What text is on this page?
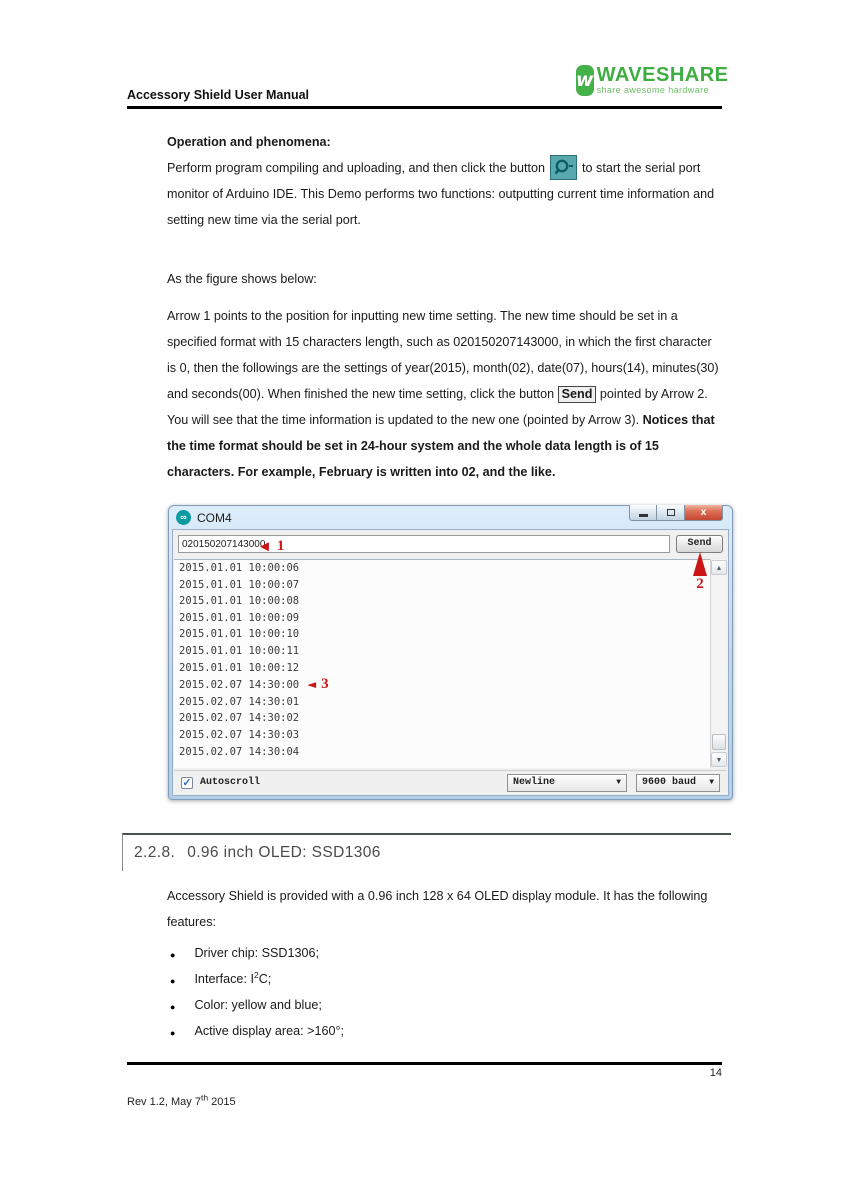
Accessory Shield User Manual
w WAVESHARE
share awesome hardware
Operation and phenomena:

Perform program compiling and uploading, and then click the button	to start the serial port monitor of Arduino IDE. This Demo performs two functions: outputting current time information and setting new time via the serial port.

As the figure shows below:

Arrow 1 points to the position for inputting new time setting. The new time should be set in a specified format with 15 characters length, such as 020150207143000, in which the first character is 0, then the followings are the settings of year(2015), month(02), date(07), hours(14), minutes(30) and seconds(00). When finished the new time setting, click the button Send pointed by Arrow 2. You will see that the time information is updated to the new one (pointed by Arrow 3). Notices that the time format should be set in 24-hour system and the whole data length is of 15 characters. For example, February is written into 02, and the like.

∞ COM4	x
020150207143000
Send
2015.01.01 10:00:06
2015.01.01 10:00:07
2015.01.01 10:00:08
2015.01.01 10:00:09
2015.01.01 10:00:10
2015.01.01 10:00:11
2015.01.01 10:00:12
2015.02.07 14:30:00 ◄ 3
2015.02.07 14:30:01
2015.02.07 14:30:02
2015.02.07 14:30:03
2015.02.07 14:30:04
▲
▼
✓ Autoscroll	Newline	▼ 9600 baud ▼
◄ 1
2
2.2.8. 0.96 inch OLED: SSD1306

Accessory Shield is provided with a 0.96 inch 128 x 64 OLED display module. It has the following features:

● Driver chip: SSD1306;
● Interface: $I^2C$;
● Color: yellow and blue;
● Active display area: >160°;
14
Rev 1.2, May 7th 2015
